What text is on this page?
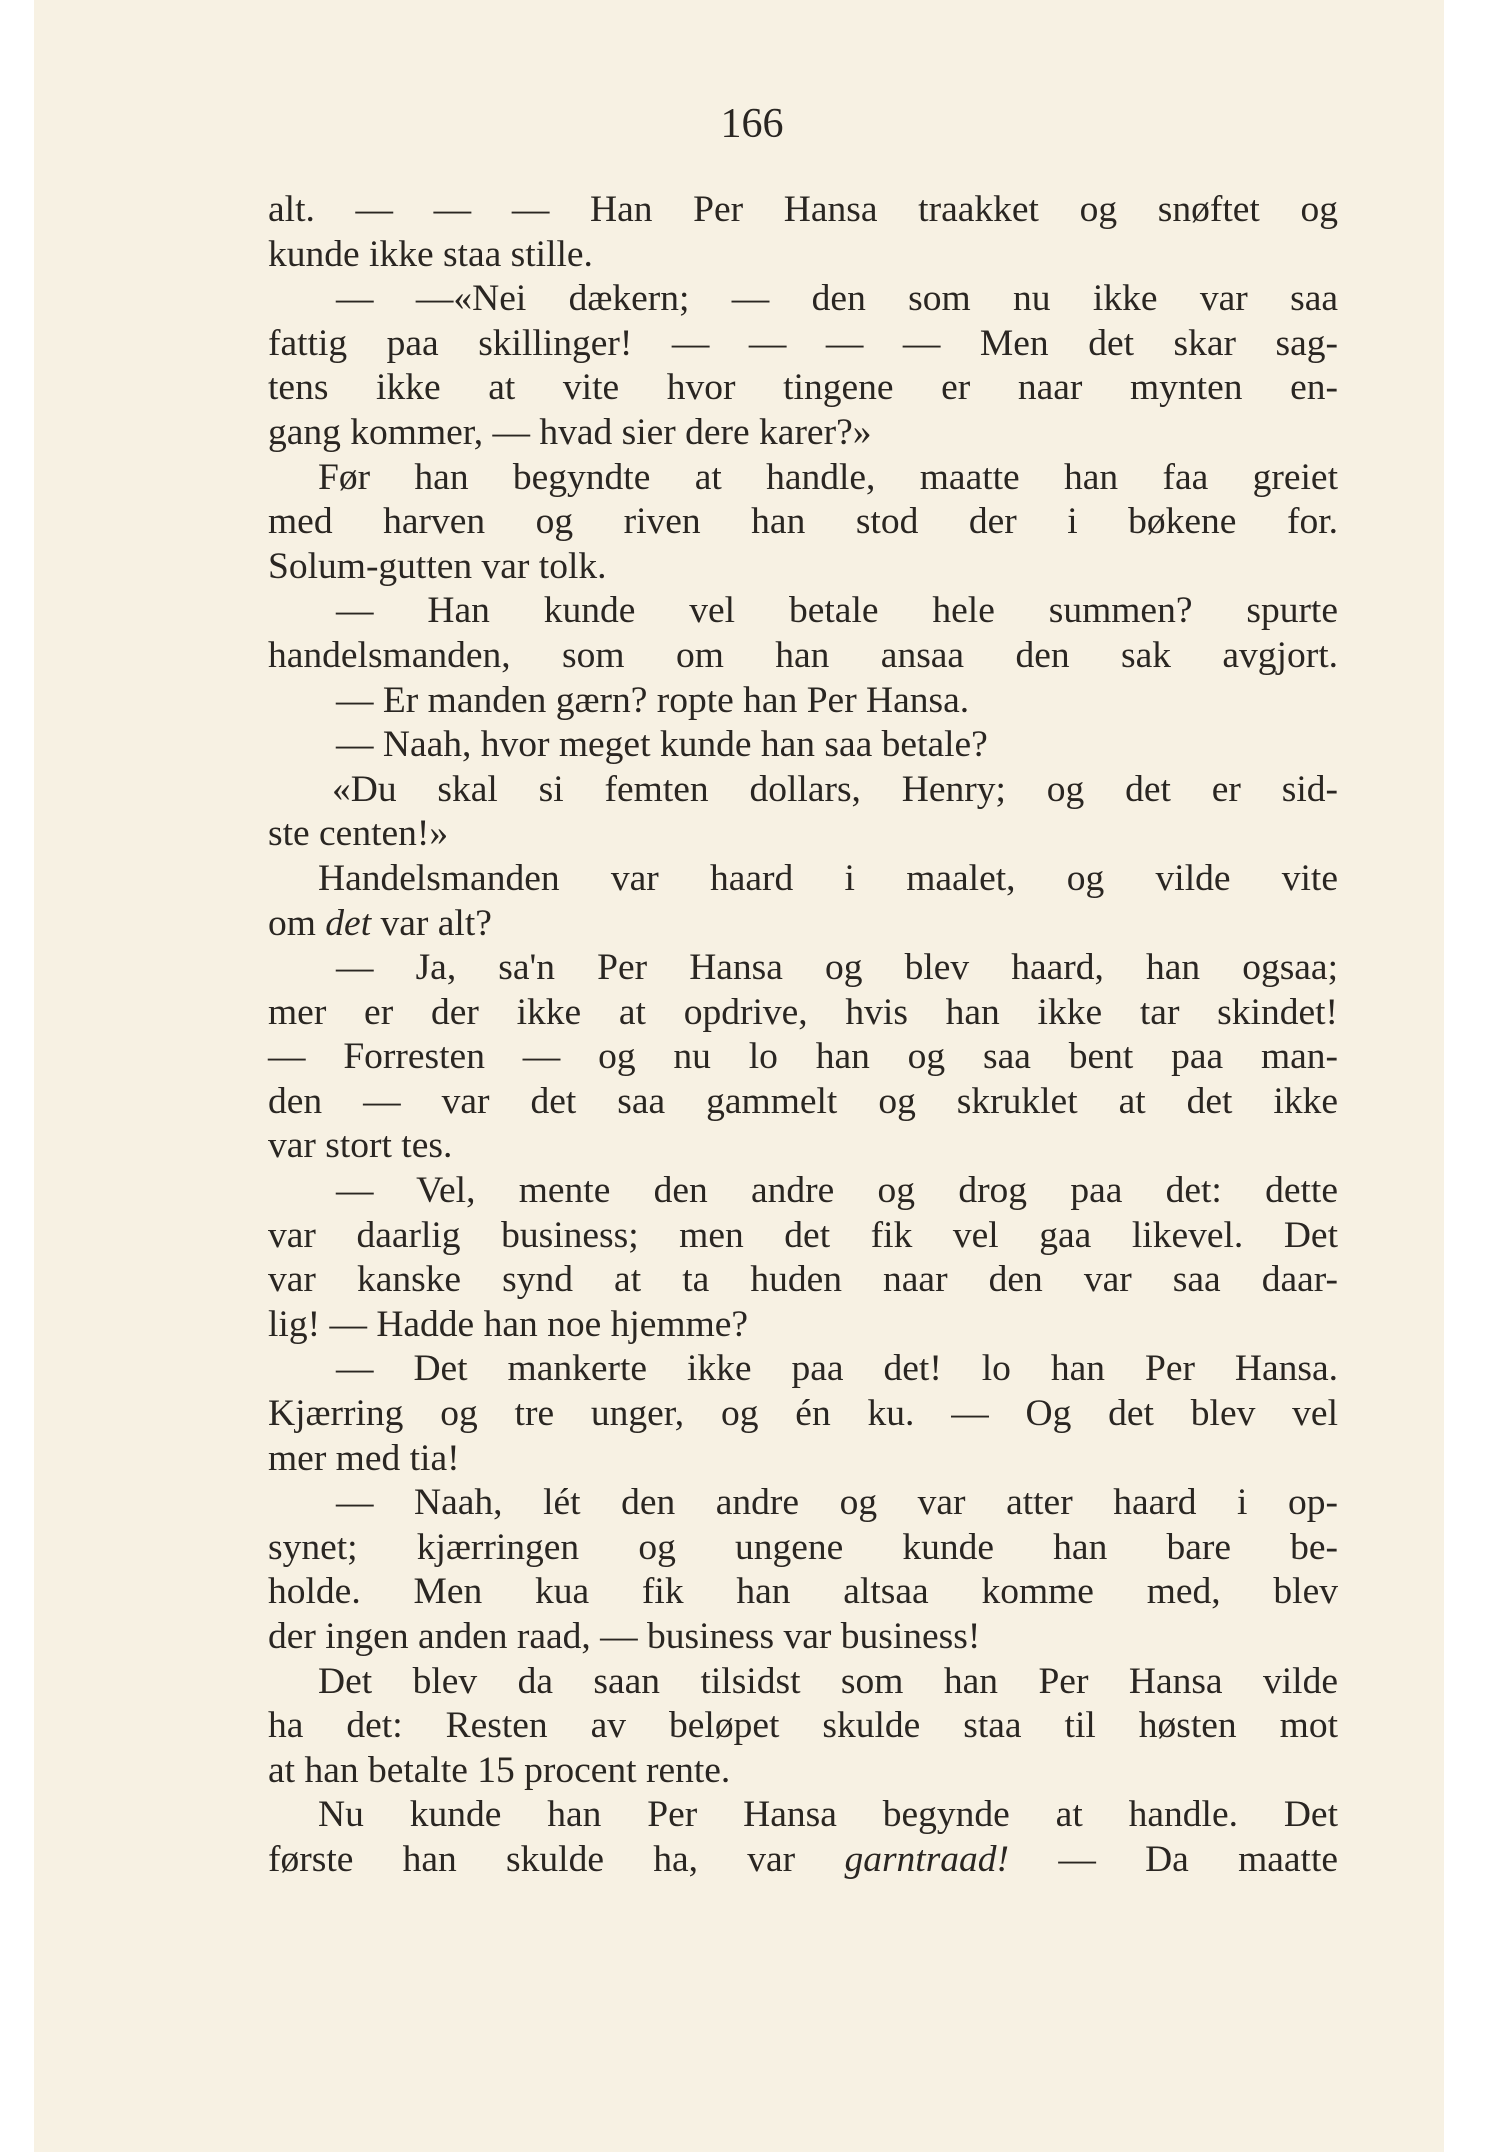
166
alt. — — — Han Per Hansa traakket og snøftet og
kunde ikke staa stille.
— —«Nei dækern; — den som nu ikke var saa
fattig paa skillinger! — — — — Men det skar sag-
tens ikke at vite hvor tingene er naar mynten en-
gang kommer, — hvad sier dere karer?»
Før han begyndte at handle, maatte han faa greiet
med harven og riven han stod der i bøkene for.
Solum-gutten var tolk.
— Han kunde vel betale hele summen? spurte
handelsmanden, som om han ansaa den sak avgjort.
— Er manden gærn? ropte han Per Hansa.
— Naah, hvor meget kunde han saa betale?
«Du skal si femten dollars, Henry; og det er sid-
ste centen!»
Handelsmanden var haard i maalet, og vilde vite
om det var alt?
— Ja, sa'n Per Hansa og blev haard, han ogsaa;
mer er der ikke at opdrive, hvis han ikke tar skindet!
— Forresten — og nu lo han og saa bent paa man-
den — var det saa gammelt og skruklet at det ikke
var stort tes.
— Vel, mente den andre og drog paa det: dette
var daarlig business; men det fik vel gaa likevel. Det
var kanske synd at ta huden naar den var saa daar-
lig! — Hadde han noe hjemme?
— Det mankerte ikke paa det! lo han Per Hansa.
Kjærring og tre unger, og én ku. — Og det blev vel
mer med tia!
— Naah, lét den andre og var atter haard i op-
synet; kjærringen og ungene kunde han bare be-
holde. Men kua fik han altsaa komme med, blev
der ingen anden raad, — business var business!
Det blev da saan tilsidst som han Per Hansa vilde
ha det: Resten av beløpet skulde staa til høsten mot
at han betalte 15 procent rente.
Nu kunde han Per Hansa begynde at handle. Det
første han skulde ha, var garntraad! — Da maatte
